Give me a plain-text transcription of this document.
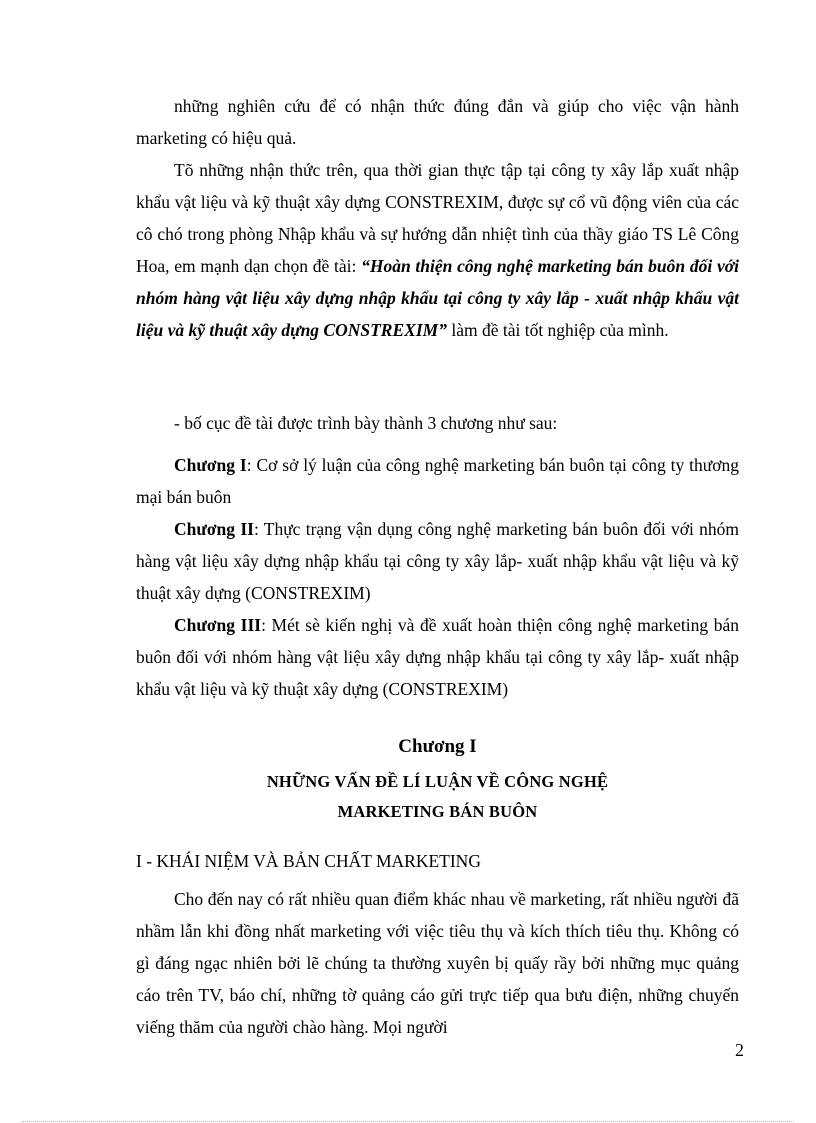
những nghiên cứu để có nhận thức đúng đắn và giúp cho việc vận hành marketing có hiệu quả.

Tõ những nhận thức trên, qua thời gian thực tập tại công ty xây lắp xuất nhập khẩu vật liệu và kỹ thuật xây dựng CONSTREXIM, được sự cổ vũ động viên của các cô chó trong phòng Nhập khẩu và sự hướng dẫn nhiệt tình của thầy giáo TS Lê Công Hoa, em mạnh dạn chọn đề tài: “Hoàn thiện công nghệ marketing bán buôn đối với nhóm hàng vật liệu xây dựng nhập khẩu tại công ty xây lắp - xuất nhập khẩu vật liệu và kỹ thuật xây dựng CONSTREXIM” làm đề tài tốt nghiệp của mình.

- bố cục đề tài được trình bày thành 3 chương như sau:

Chương I: Cơ sở lý luận của công nghệ marketing bán buôn tại công ty thương mại bán buôn

Chương II: Thực trạng vận dụng công nghệ marketing bán buôn đối với nhóm hàng vật liệu xây dựng nhập khẩu tại công ty xây lắp- xuất nhập khẩu vật liệu và kỹ thuật xây dựng (CONSTREXIM)

Chương III: Mét sè kiến nghị và đề xuất hoàn thiện công nghệ marketing bán buôn đối với nhóm hàng vật liệu xây dựng nhập khẩu tại công ty xây lắp- xuất nhập khẩu vật liệu và kỹ thuật xây dựng (CONSTREXIM)

Chương I

NHỮNG VẤN ĐỀ LÍ LUẬN VỀ CÔNG NGHỆ

MARKETING BÁN BUÔN

I - KHÁI NIỆM VÀ BẢN CHẤT MARKETING

Cho đến nay có rất nhiều quan điểm khác nhau về marketing, rất nhiều người đã nhầm lẫn khi đồng nhất marketing với việc tiêu thụ và kích thích tiêu thụ. Không có gì đáng ngạc nhiên bởi lẽ chúng ta thường xuyên bị quấy rầy bởi những mục quảng cáo trên TV, báo chí, những tờ quảng cáo gửi trực tiếp qua bưu điện, những chuyến viếng thăm của người chào hàng. Mọi người

2
